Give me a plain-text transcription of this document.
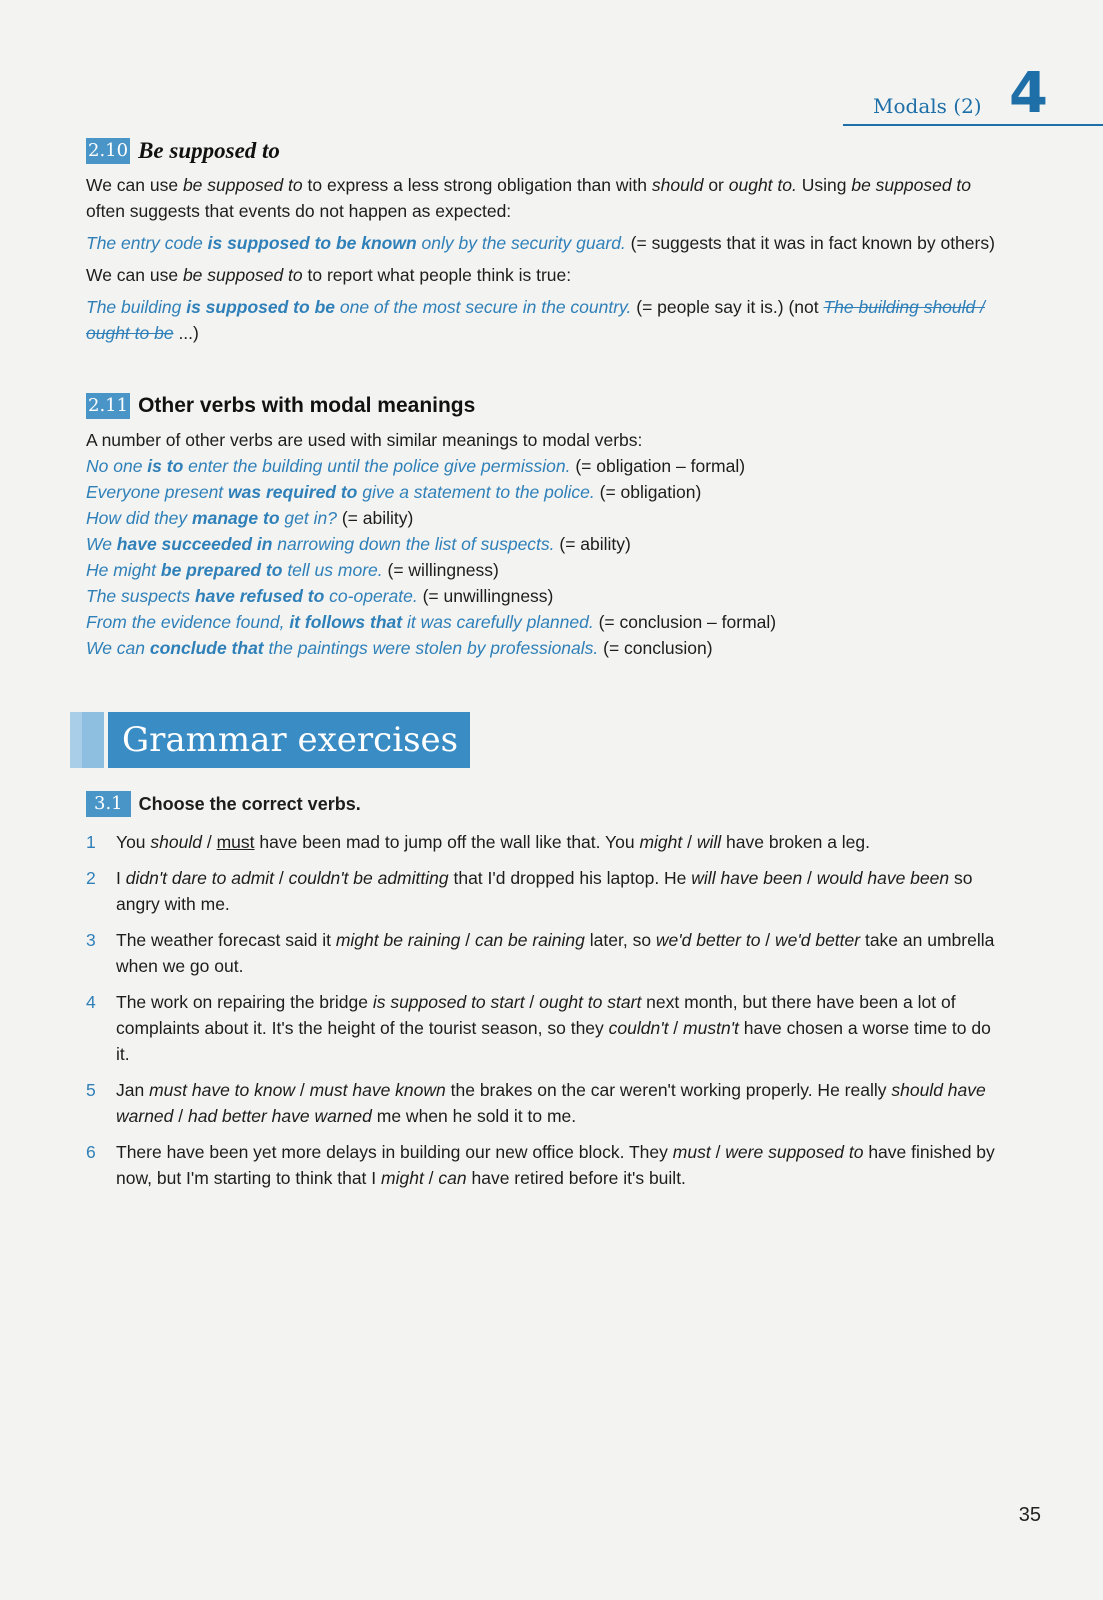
Modals (2) 4
2.10 Be supposed to

We can use be supposed to to express a less strong obligation than with should or ought to. Using be supposed to often suggests that events do not happen as expected:

The entry code is supposed to be known only by the security guard. (= suggests that it was in fact known by others)

We can use be supposed to to report what people think is true:

The building is supposed to be one of the most secure in the country. (= people say it is.) (not The building should / ought to be ...)

2.11 Other verbs with modal meanings

A number of other verbs are used with similar meanings to modal verbs:

No one is to enter the building until the police give permission. (= obligation – formal)
Everyone present was required to give a statement to the police. (= obligation)
How did they manage to get in? (= ability)
We have succeeded in narrowing down the list of suspects. (= ability)
He might be prepared to tell us more. (= willingness)
The suspects have refused to co-operate. (= unwillingness)
From the evidence found, it follows that it was carefully planned. (= conclusion – formal)
We can conclude that the paintings were stolen by professionals. (= conclusion)
Grammar exercises
3.1 Choose the correct verbs.
1	You should / must have been mad to jump off the wall like that. You might / will have broken a leg.
2	I didn't dare to admit / couldn't be admitting that I'd dropped his laptop. He will have been / would have been so angry with me.
3	The weather forecast said it might be raining / can be raining later, so we'd better to / we'd better take an umbrella when we go out.
4	The work on repairing the bridge is supposed to start / ought to start next month, but there have been a lot of complaints about it. It's the height of the tourist season, so they couldn't / mustn't have chosen a worse time to do it.
5	Jan must have to know / must have known the brakes on the car weren't working properly. He really should have warned / had better have warned me when he sold it to me.
6	There have been yet more delays in building our new office block. They must / were supposed to have finished by now, but I'm starting to think that I might / can have retired before it's built.
35
